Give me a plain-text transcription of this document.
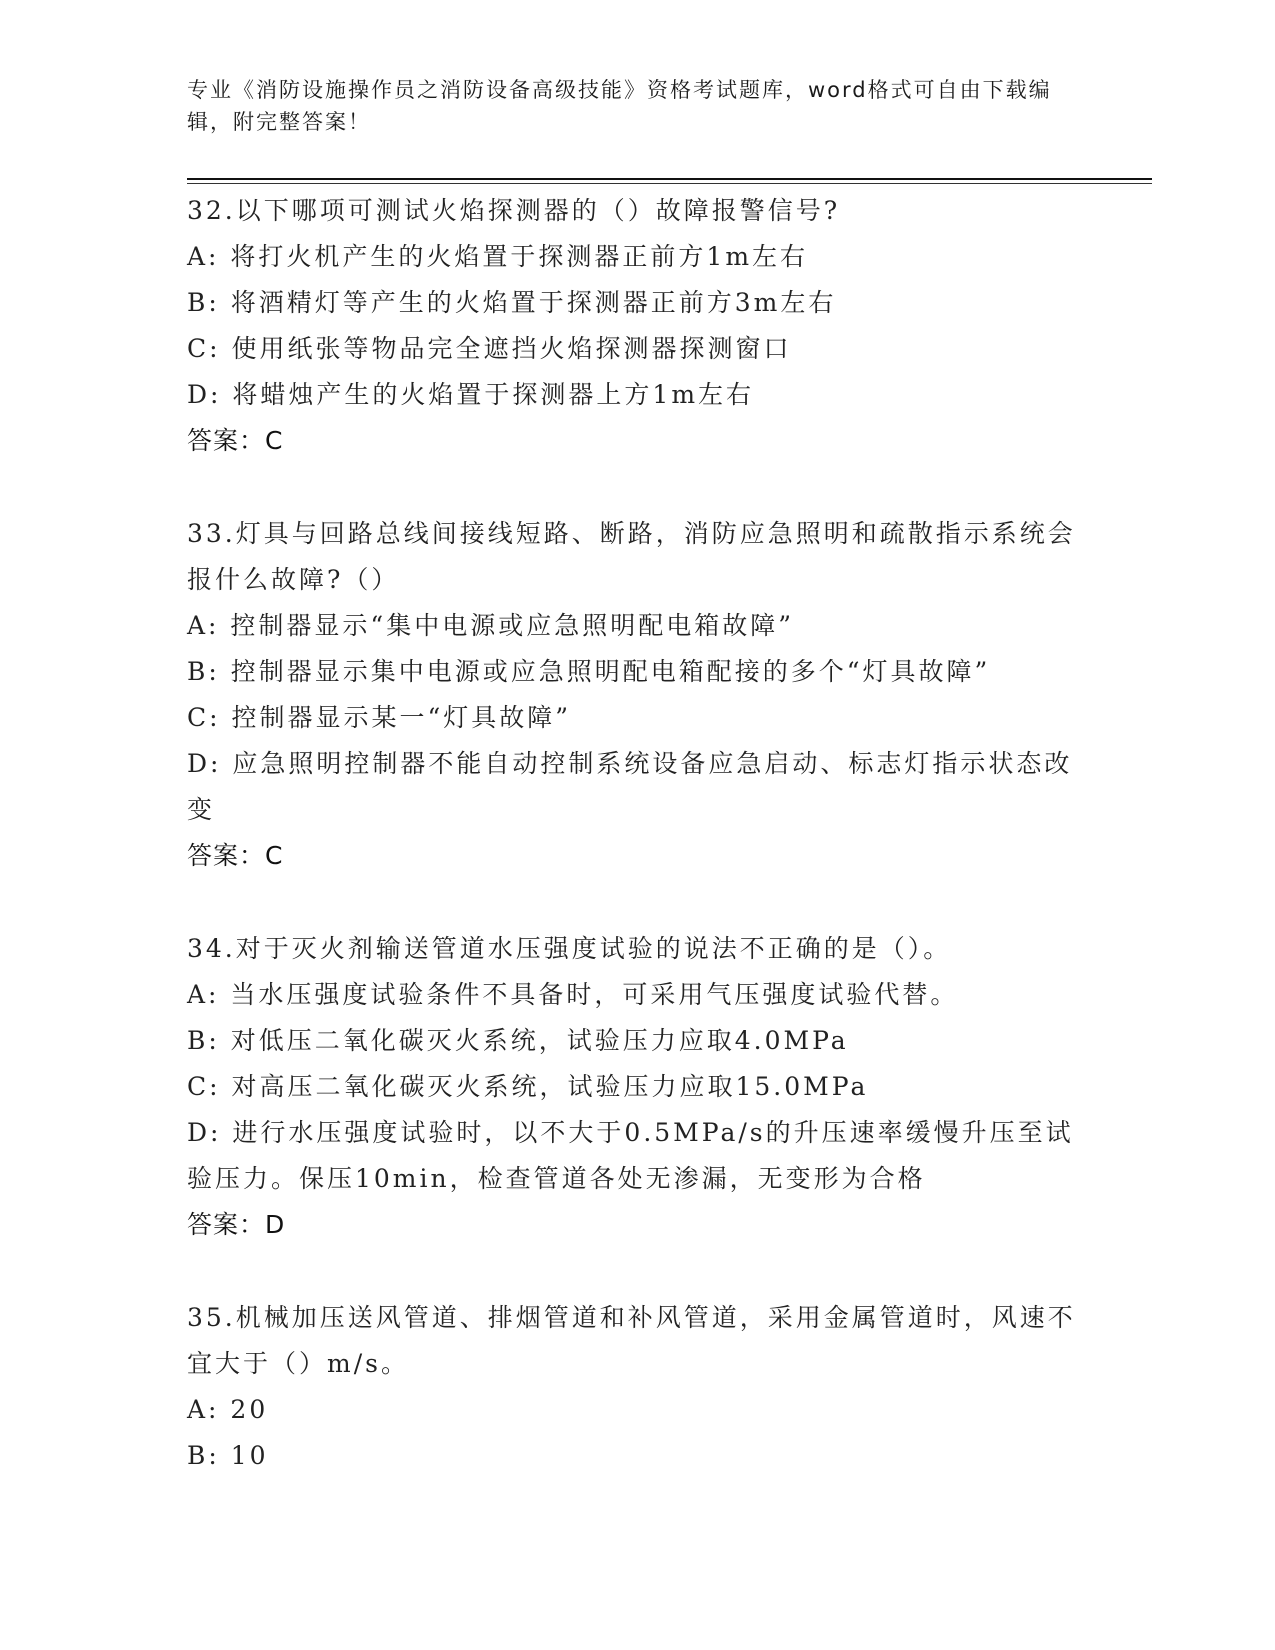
专业《消防设施操作员之消防设备高级技能》资格考试题库，word格式可自由下载编辑，附完整答案！
32.以下哪项可测试火焰探测器的（）故障报警信号?
A: 将打火机产生的火焰置于探测器正前方1m左右
B: 将酒精灯等产生的火焰置于探测器正前方3m左右
C: 使用纸张等物品完全遮挡火焰探测器探测窗口
D: 将蜡烛产生的火焰置于探测器上方1m左右
答案：C
33.灯具与回路总线间接线短路、断路，消防应急照明和疏散指示系统会报什么故障?（）
A: 控制器显示“集中电源或应急照明配电箱故障”
B: 控制器显示集中电源或应急照明配电箱配接的多个“灯具故障”
C: 控制器显示某一“灯具故障”
D: 应急照明控制器不能自动控制系统设备应急启动、标志灯指示状态改变
答案：C
34.对于灭火剂输送管道水压强度试验的说法不正确的是（）。
A: 当水压强度试验条件不具备时，可采用气压强度试验代替。
B: 对低压二氧化碳灭火系统，试验压力应取4.0MPa
C: 对高压二氧化碳灭火系统，试验压力应取15.0MPa
D: 进行水压强度试验时，以不大于0.5MPa/s的升压速率缓慢升压至试验压力。保压10min，检查管道各处无渗漏，无变形为合格
答案：D
35.机械加压送风管道、排烟管道和补风管道，采用金属管道时，风速不宜大于（）m/s。
A: 20
B: 10
